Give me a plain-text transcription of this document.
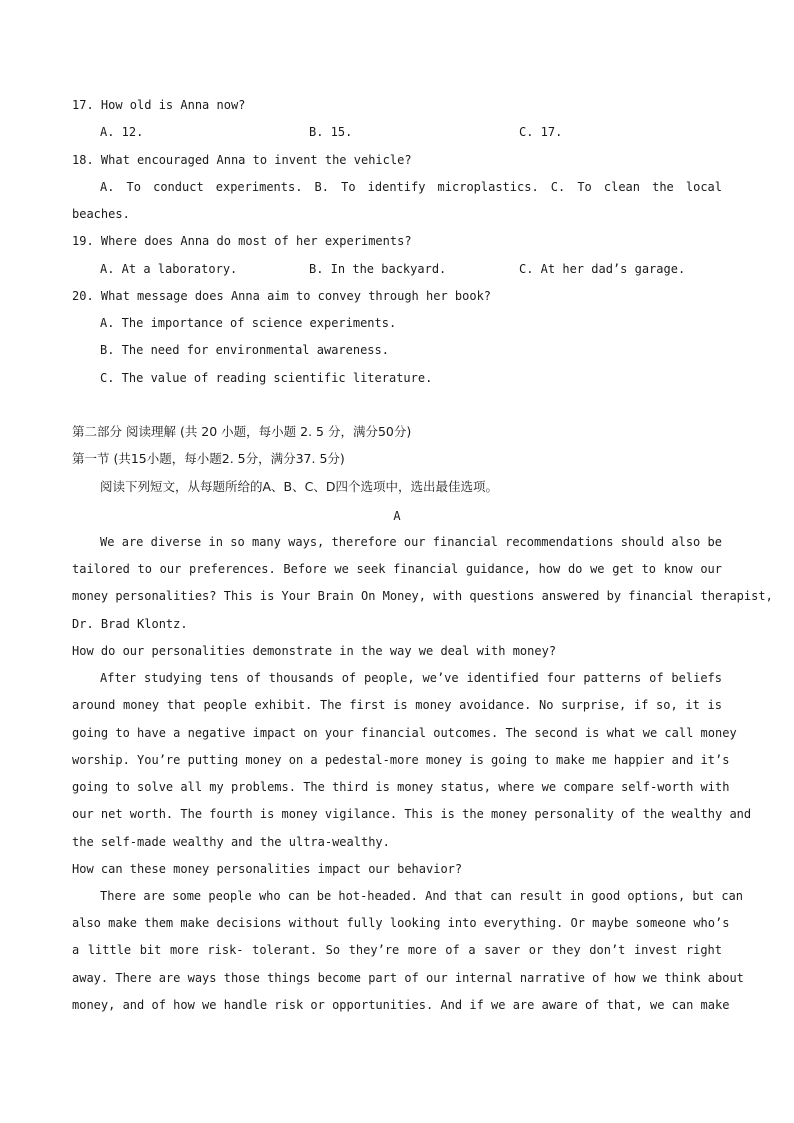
17. How old is Anna now?
A. 12.	B. 15.	C. 17.
18. What encouraged Anna to invent the vehicle?
A. To conduct experiments. B. To identify microplastics. C. To clean the local
beaches.
19. Where does Anna do most of her experiments?
A. At a laboratory.	B. In the backyard.	C. At her dad’s garage.
20. What message does Anna aim to convey through her book?
A. The importance of science experiments.
B. The need for environmental awareness.
C. The value of reading scientific literature.
第二部分 阅读理解 (共 20 小题，每小题 2. 5 分，满分50分)
第一节 (共15小题，每小题2. 5分，满分37. 5分)
阅读下列短文，从每题所给的A、B、C、D四个选项中，选出最佳选项。
A
We are diverse in so many ways, therefore our financial recommendations should also be
tailored to our preferences. Before we seek financial guidance, how do we get to know our
money personalities? This is Your Brain On Money, with questions answered by financial therapist,
Dr. Brad Klontz.
How do our personalities demonstrate in the way we deal with money?
After studying tens of thousands of people, we’ve identified four patterns of beliefs
around money that people exhibit. The first is money avoidance. No surprise, if so, it is
going to have a negative impact on your financial outcomes. The second is what we call money
worship. You’re putting money on a pedestal-more money is going to make me happier and it’s
going to solve all my problems. The third is money status, where we compare self-worth with
our net worth. The fourth is money vigilance. This is the money personality of the wealthy and
the self-made wealthy and the ultra-wealthy.
How can these money personalities impact our behavior?
There are some people who can be hot-headed. And that can result in good options, but can
also make them make decisions without fully looking into everything. Or maybe someone who’s
a little bit more risk- tolerant. So they’re more of a saver or they don’t invest right
away. There are ways those things become part of our internal narrative of how we think about
money, and of how we handle risk or opportunities. And if we are aware of that, we can make
